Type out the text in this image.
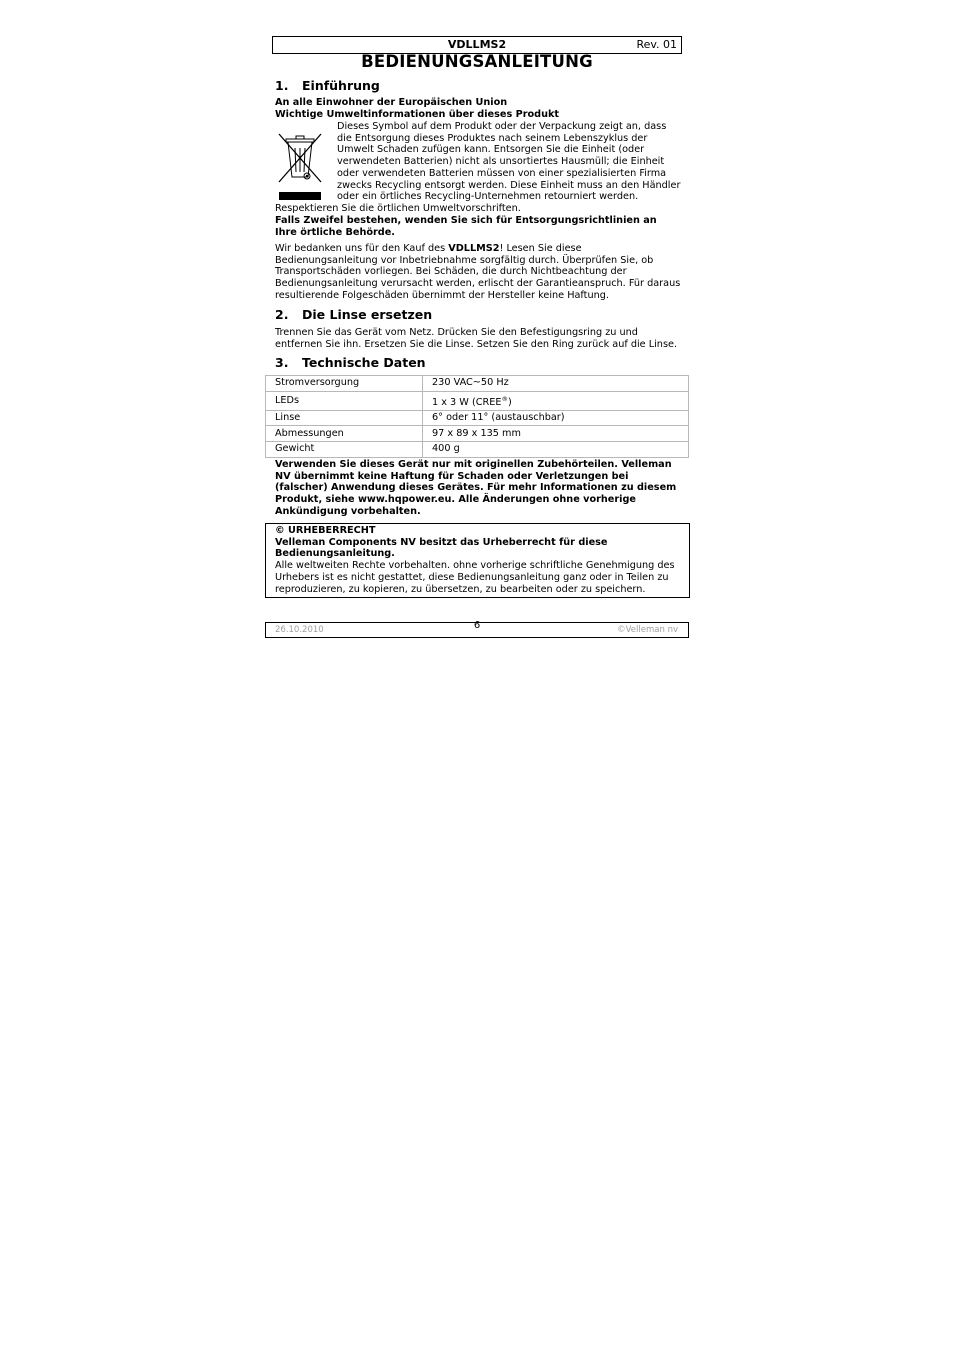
VDLLMS2	Rev. 01
BEDIENUNGSANLEITUNG
1. Einführung
An alle Einwohner der Europäischen Union
Wichtige Umweltinformationen über dieses Produkt
Dieses Symbol auf dem Produkt oder der Verpackung zeigt an, dass die Entsorgung dieses Produktes nach seinem Lebenszyklus der Umwelt Schaden zufügen kann. Entsorgen Sie die Einheit (oder verwendeten Batterien) nicht als unsortiertes Hausmüll; die Einheit oder verwendeten Batterien müssen von einer spezialisierten Firma zwecks Recycling entsorgt werden. Diese Einheit muss an den Händler oder ein örtliches Recycling-Unternehmen retourniert werden.
Respektieren Sie die örtlichen Umweltvorschriften.
Falls Zweifel bestehen, wenden Sie sich für Entsorgungsrichtlinien an Ihre örtliche Behörde.
Wir bedanken uns für den Kauf des VDLLMS2! Lesen Sie diese Bedienungsanleitung vor Inbetriebnahme sorgfältig durch. Überprüfen Sie, ob Transportschäden vorliegen. Bei Schäden, die durch Nichtbeachtung der Bedienungsanleitung verursacht werden, erlischt der Garantieanspruch. Für daraus resultierende Folgeschäden übernimmt der Hersteller keine Haftung.
2. Die Linse ersetzen
Trennen Sie das Gerät vom Netz. Drücken Sie den Befestigungsring zu und entfernen Sie ihn. Ersetzen Sie die Linse. Setzen Sie den Ring zurück auf die Linse.
3. Technische Daten
Stromversorgung	230 VAC~50 Hz
LEDs	1 x 3 W (CREE®)
Linse	6° oder 11° (austauschbar)
Abmessungen	97 x 89 x 135 mm
Gewicht	400 g
Verwenden Sie dieses Gerät nur mit originellen Zubehörteilen. Velleman NV übernimmt keine Haftung für Schaden oder Verletzungen bei (falscher) Anwendung dieses Gerätes. Für mehr Informationen zu diesem Produkt, siehe www.hqpower.eu. Alle Änderungen ohne vorherige Ankündigung vorbehalten.
© URHEBERRECHT
Velleman Components NV besitzt das Urheberrecht für diese Bedienungsanleitung.
Alle weltweiten Rechte vorbehalten. ohne vorherige schriftliche Genehmigung des Urhebers ist es nicht gestattet, diese Bedienungsanleitung ganz oder in Teilen zu reproduzieren, zu kopieren, zu übersetzen, zu bearbeiten oder zu speichern.
26.10.2010	6	©Velleman nv
